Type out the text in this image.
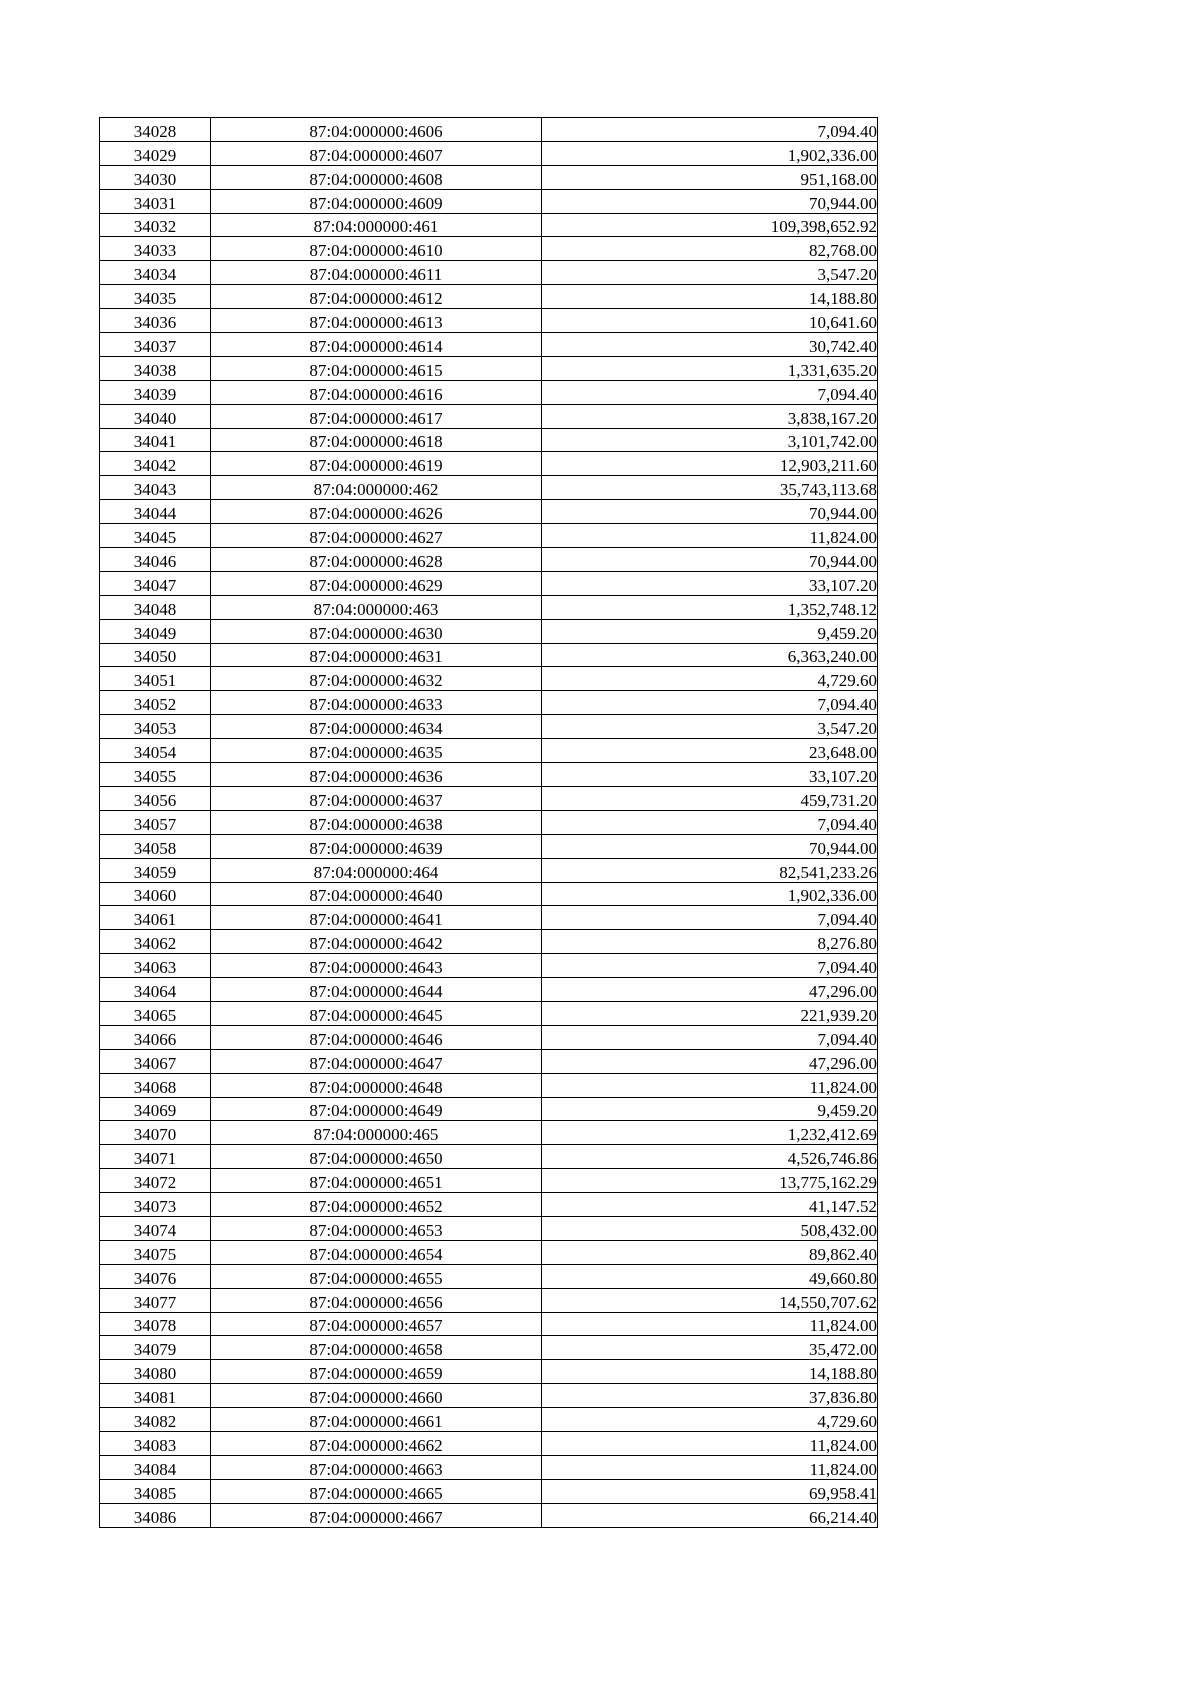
34028	87:04:000000:4606	7,094.40
34029	87:04:000000:4607	1,902,336.00
34030	87:04:000000:4608	951,168.00
34031	87:04:000000:4609	70,944.00
34032	87:04:000000:461	109,398,652.92
34033	87:04:000000:4610	82,768.00
34034	87:04:000000:4611	3,547.20
34035	87:04:000000:4612	14,188.80
34036	87:04:000000:4613	10,641.60
34037	87:04:000000:4614	30,742.40
34038	87:04:000000:4615	1,331,635.20
34039	87:04:000000:4616	7,094.40
34040	87:04:000000:4617	3,838,167.20
34041	87:04:000000:4618	3,101,742.00
34042	87:04:000000:4619	12,903,211.60
34043	87:04:000000:462	35,743,113.68
34044	87:04:000000:4626	70,944.00
34045	87:04:000000:4627	11,824.00
34046	87:04:000000:4628	70,944.00
34047	87:04:000000:4629	33,107.20
34048	87:04:000000:463	1,352,748.12
34049	87:04:000000:4630	9,459.20
34050	87:04:000000:4631	6,363,240.00
34051	87:04:000000:4632	4,729.60
34052	87:04:000000:4633	7,094.40
34053	87:04:000000:4634	3,547.20
34054	87:04:000000:4635	23,648.00
34055	87:04:000000:4636	33,107.20
34056	87:04:000000:4637	459,731.20
34057	87:04:000000:4638	7,094.40
34058	87:04:000000:4639	70,944.00
34059	87:04:000000:464	82,541,233.26
34060	87:04:000000:4640	1,902,336.00
34061	87:04:000000:4641	7,094.40
34062	87:04:000000:4642	8,276.80
34063	87:04:000000:4643	7,094.40
34064	87:04:000000:4644	47,296.00
34065	87:04:000000:4645	221,939.20
34066	87:04:000000:4646	7,094.40
34067	87:04:000000:4647	47,296.00
34068	87:04:000000:4648	11,824.00
34069	87:04:000000:4649	9,459.20
34070	87:04:000000:465	1,232,412.69
34071	87:04:000000:4650	4,526,746.86
34072	87:04:000000:4651	13,775,162.29
34073	87:04:000000:4652	41,147.52
34074	87:04:000000:4653	508,432.00
34075	87:04:000000:4654	89,862.40
34076	87:04:000000:4655	49,660.80
34077	87:04:000000:4656	14,550,707.62
34078	87:04:000000:4657	11,824.00
34079	87:04:000000:4658	35,472.00
34080	87:04:000000:4659	14,188.80
34081	87:04:000000:4660	37,836.80
34082	87:04:000000:4661	4,729.60
34083	87:04:000000:4662	11,824.00
34084	87:04:000000:4663	11,824.00
34085	87:04:000000:4665	69,958.41
34086	87:04:000000:4667	66,214.40
